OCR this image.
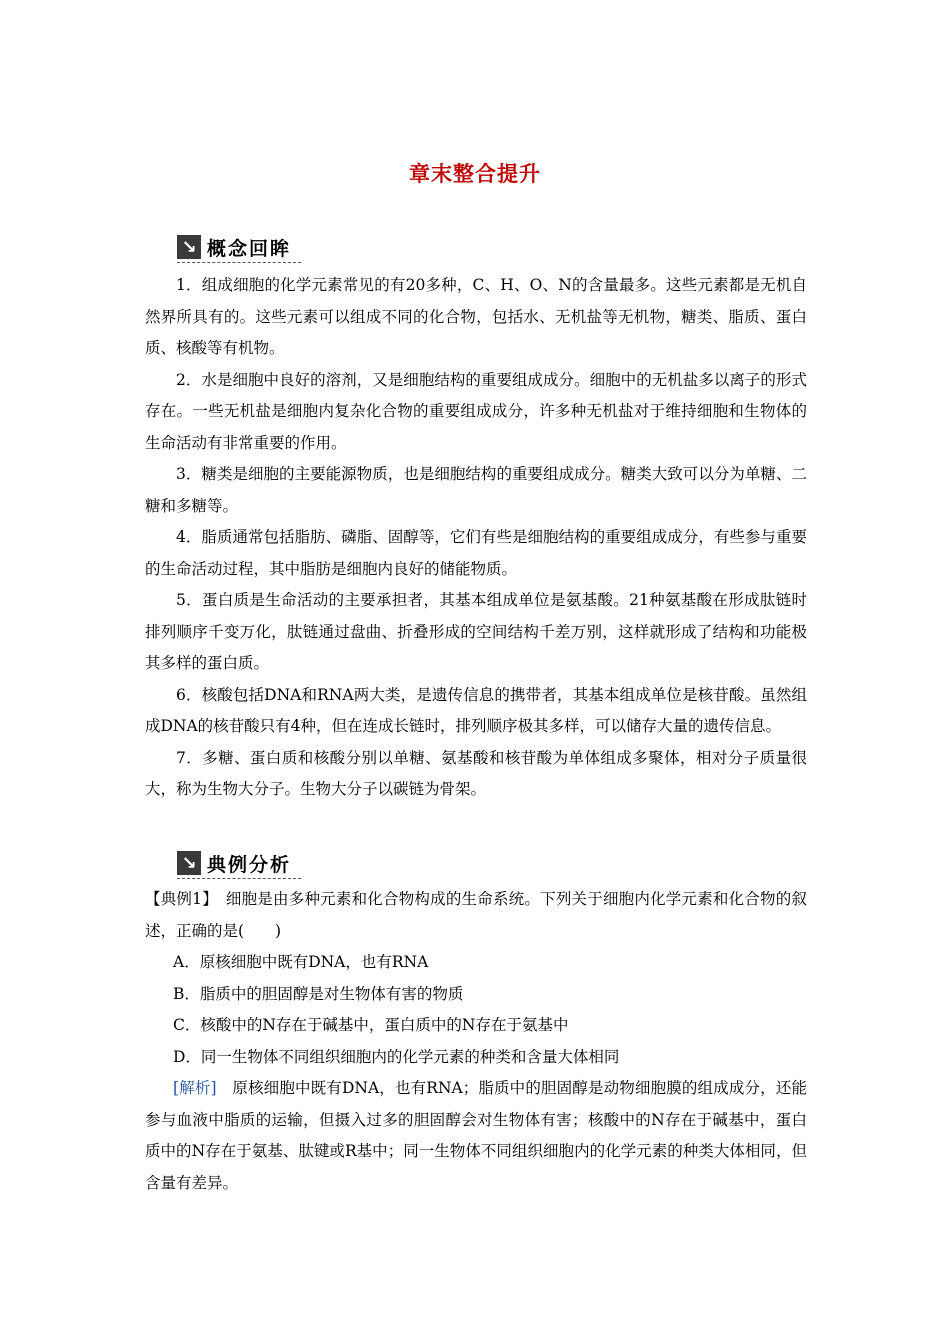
章末整合提升
↘ 概念回眸

1．组成细胞的化学元素常见的有20多种，C、H、O、N的含量最多。这些元素都是无机自然界所具有的。这些元素可以组成不同的化合物，包括水、无机盐等无机物，糖类、脂质、蛋白质、核酸等有机物。

2．水是细胞中良好的溶剂，又是细胞结构的重要组成成分。细胞中的无机盐多以离子的形式存在。一些无机盐是细胞内复杂化合物的重要组成成分，许多种无机盐对于维持细胞和生物体的生命活动有非常重要的作用。

3．糖类是细胞的主要能源物质，也是细胞结构的重要组成成分。糖类大致可以分为单糖、二糖和多糖等。

4．脂质通常包括脂肪、磷脂、固醇等，它们有些是细胞结构的重要组成成分，有些参与重要的生命活动过程，其中脂肪是细胞内良好的储能物质。

5．蛋白质是生命活动的主要承担者，其基本组成单位是氨基酸。21种氨基酸在形成肽链时排列顺序千变万化，肽链通过盘曲、折叠形成的空间结构千差万别，这样就形成了结构和功能极其多样的蛋白质。

6．核酸包括DNA和RNA两大类，是遗传信息的携带者，其基本组成单位是核苷酸。虽然组成DNA的核苷酸只有4种，但在连成长链时，排列顺序极其多样，可以储存大量的遗传信息。

7．多糖、蛋白质和核酸分别以单糖、氨基酸和核苷酸为单体组成多聚体，相对分子质量很大，称为生物大分子。生物大分子以碳链为骨架。

↘ 典例分析

【典例1】　细胞是由多种元素和化合物构成的生命系统。下列关于细胞内化学元素和化合物的叙述，正确的是(　　)

A．原核细胞中既有DNA，也有RNA

B．脂质中的胆固醇是对生物体有害的物质

C．核酸中的N存在于碱基中，蛋白质中的N存在于氨基中

D．同一生物体不同组织细胞内的化学元素的种类和含量大体相同

[解析]　原核细胞中既有DNA，也有RNA；脂质中的胆固醇是动物细胞膜的组成成分，还能参与血液中脂质的运输，但摄入过多的胆固醇会对生物体有害；核酸中的N存在于碱基中，蛋白质中的N存在于氨基、肽键或R基中；同一生物体不同组织细胞内的化学元素的种类大体相同，但含量有差异。
